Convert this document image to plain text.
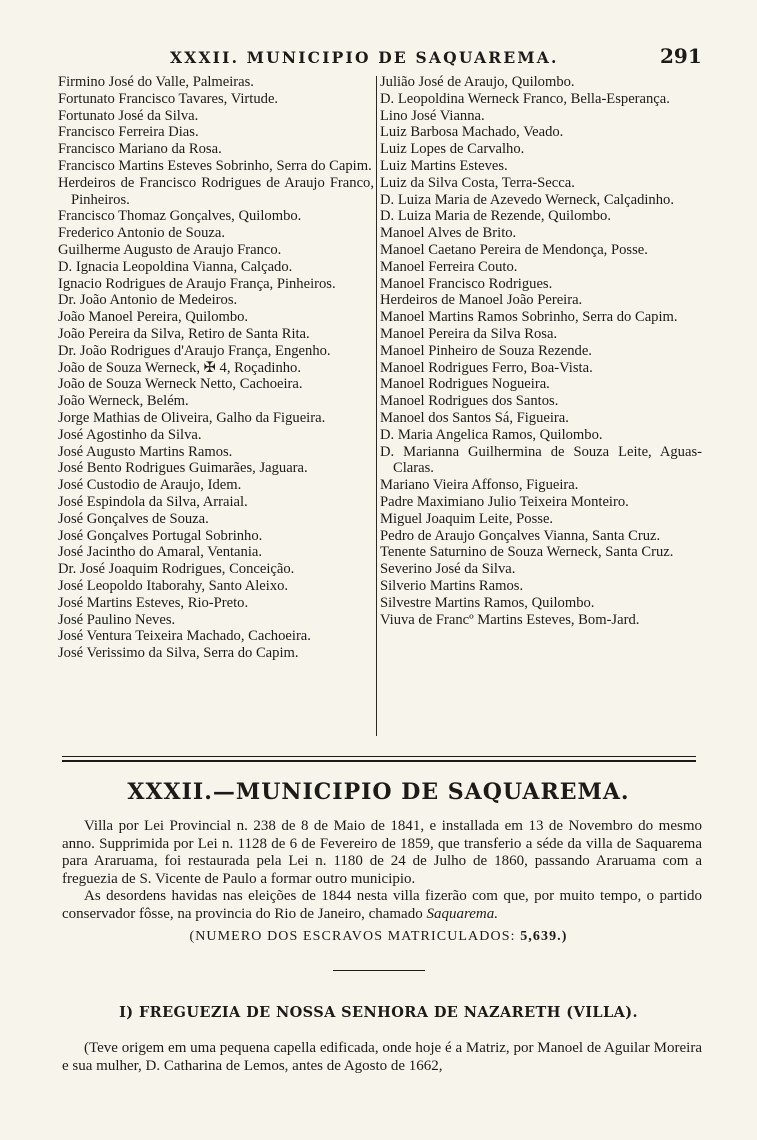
XXXII. MUNICIPIO DE SAQUAREMA.	291
Firmino José do Valle, Palmeiras.
Fortunato Francisco Tavares, Virtude.
Fortunato José da Silva.
Francisco Ferreira Dias.
Francisco Mariano da Rosa.
Francisco Martins Esteves Sobrinho, Serra do Capim.
Herdeiros de Francisco Rodrigues de Araujo Franco, Pinheiros.
Francisco Thomaz Gonçalves, Quilombo.
Frederico Antonio de Souza.
Guilherme Augusto de Araujo Franco.
D. Ignacia Leopoldina Vianna, Calçado.
Ignacio Rodrigues de Araujo França, Pinheiros.
Dr. João Antonio de Medeiros.
João Manoel Pereira, Quilombo.
João Pereira da Silva, Retiro de Santa Rita.
Dr. João Rodrigues d'Araujo França, Engenho.
João de Souza Werneck, ✠ 4, Roçadinho.
João de Souza Werneck Netto, Cachoeira.
João Werneck, Belém.
Jorge Mathias de Oliveira, Galho da Figueira.
José Agostinho da Silva.
José Augusto Martins Ramos.
José Bento Rodrigues Guimarães, Jaguara.
José Custodio de Araujo, Idem.
José Espindola da Silva, Arraial.
José Gonçalves de Souza.
José Gonçalves Portugal Sobrinho.
José Jacintho do Amaral, Ventania.
Dr. José Joaquim Rodrigues, Conceição.
José Leopoldo Itaborahy, Santo Aleixo.
José Martins Esteves, Rio-Preto.
José Paulino Neves.
José Ventura Teixeira Machado, Cachoeira.
José Verissimo da Silva, Serra do Capim.
Julião José de Araujo, Quilombo.
D. Leopoldina Werneck Franco, Bella-Esperança.
Lino José Vianna.
Luiz Barbosa Machado, Veado.
Luiz Lopes de Carvalho.
Luiz Martins Esteves.
Luiz da Silva Costa, Terra-Secca.
D. Luiza Maria de Azevedo Werneck, Calçadinho.
D. Luiza Maria de Rezende, Quilombo.
Manoel Alves de Brito.
Manoel Caetano Pereira de Mendonça, Posse.
Manoel Ferreira Couto.
Manoel Francisco Rodrigues.
Herdeiros de Manoel João Pereira.
Manoel Martins Ramos Sobrinho, Serra do Capim.
Manoel Pereira da Silva Rosa.
Manoel Pinheiro de Souza Rezende.
Manoel Rodrigues Ferro, Boa-Vista.
Manoel Rodrigues Nogueira.
Manoel Rodrigues dos Santos.
Manoel dos Santos Sá, Figueira.
D. Maria Angelica Ramos, Quilombo.
D. Marianna Guilhermina de Souza Leite, Aguas-Claras.
Mariano Vieira Affonso, Figueira.
Padre Maximiano Julio Teixeira Monteiro.
Miguel Joaquim Leite, Posse.
Pedro de Araujo Gonçalves Vianna, Santa Cruz.
Tenente Saturnino de Souza Werneck, Santa Cruz.
Severino José da Silva.
Silverio Martins Ramos.
Silvestre Martins Ramos, Quilombo.
Viuva de Francº Martins Esteves, Bom-Jard.
XXXII.—MUNICIPIO DE SAQUAREMA.

Villa por Lei Provincial n. 238 de 8 de Maio de 1841, e installada em 13 de Novembro do mesmo anno. Supprimida por Lei n. 1128 de 6 de Fevereiro de 1859, que transferio a séde da villa de Saquarema para Araruama, foi restaurada pela Lei n. 1180 de 24 de Julho de 1860, passando Araruama com a freguezia de S. Vicente de Paulo a formar outro municipio.

As desordens havidas nas eleições de 1844 nesta villa fizerão com que, por muito tempo, o partido conservador fôsse, na provincia do Rio de Janeiro, chamado Saquarema.

(NUMERO DOS ESCRAVOS MATRICULADOS: 5,639.)
I) FREGUEZIA DE NOSSA SENHORA DE NAZARETH (VILLA).

(Teve origem em uma pequena capella edificada, onde hoje é a Matriz, por Manoel de Aguilar Moreira e sua mulher, D. Catharina de Lemos, antes de Agosto de 1662,
